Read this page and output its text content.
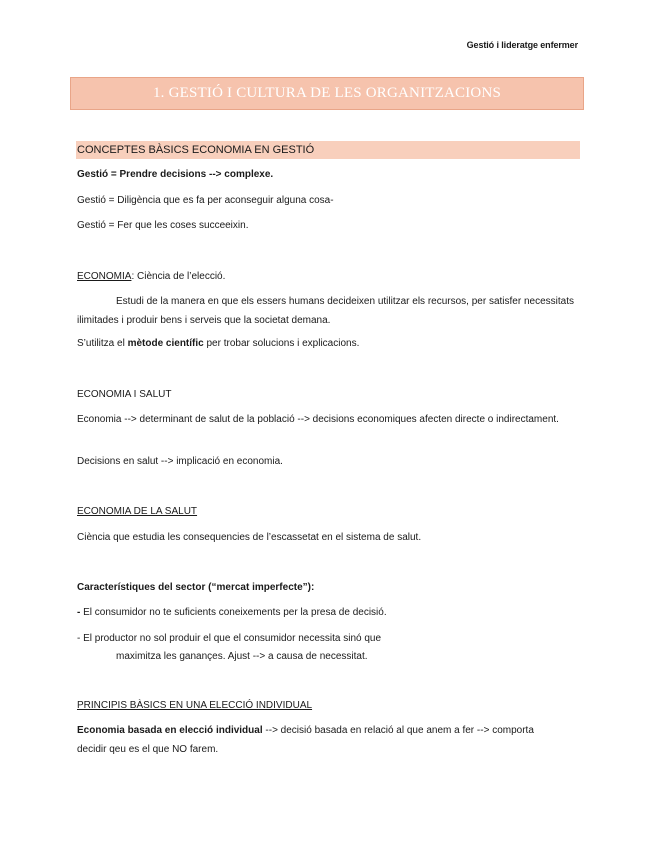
Gestió i lideratge enfermer
1. GESTIÓ I CULTURA DE LES ORGANITZACIONS
CONCEPTES BÀSICS ECONOMIA EN GESTIÓ
Gestió = Prendre decisions --> complexe.
Gestió = Diligència que es fa per aconseguir alguna cosa-
Gestió = Fer que les coses succeeixin.
ECONOMIA: Ciència de l’elecció.
Estudi de la manera en que els essers humans decideixen utilitzar els recursos, per satisfer necessitats ilimitades i produir bens i serveis que la societat demana.
S’utilitza el mètode científic per trobar solucions i explicacions.
ECONOMIA I SALUT
Economia --> determinant de salut de la població --> decisions economiques afecten directe o indirectament.
Decisions en salut --> implicació en economia.
ECONOMIA DE LA SALUT
Ciència que estudia les consequencies de l’escassetat en el sistema de salut.
Característiques del sector (“mercat imperfecte”):
- El consumidor no te suficients coneixements per la presa de decisió.
- El productor no sol produir el que el consumidor necessita sinó que
maximitza les ganançes. Ajust --> a causa de necessitat.
PRINCIPIS BÀSICS EN UNA ELECCIÓ INDIVIDUAL
Economia basada en elecció individual --> decisió basada en relació al que anem a fer --> comporta decidir qeu es el que NO farem.
